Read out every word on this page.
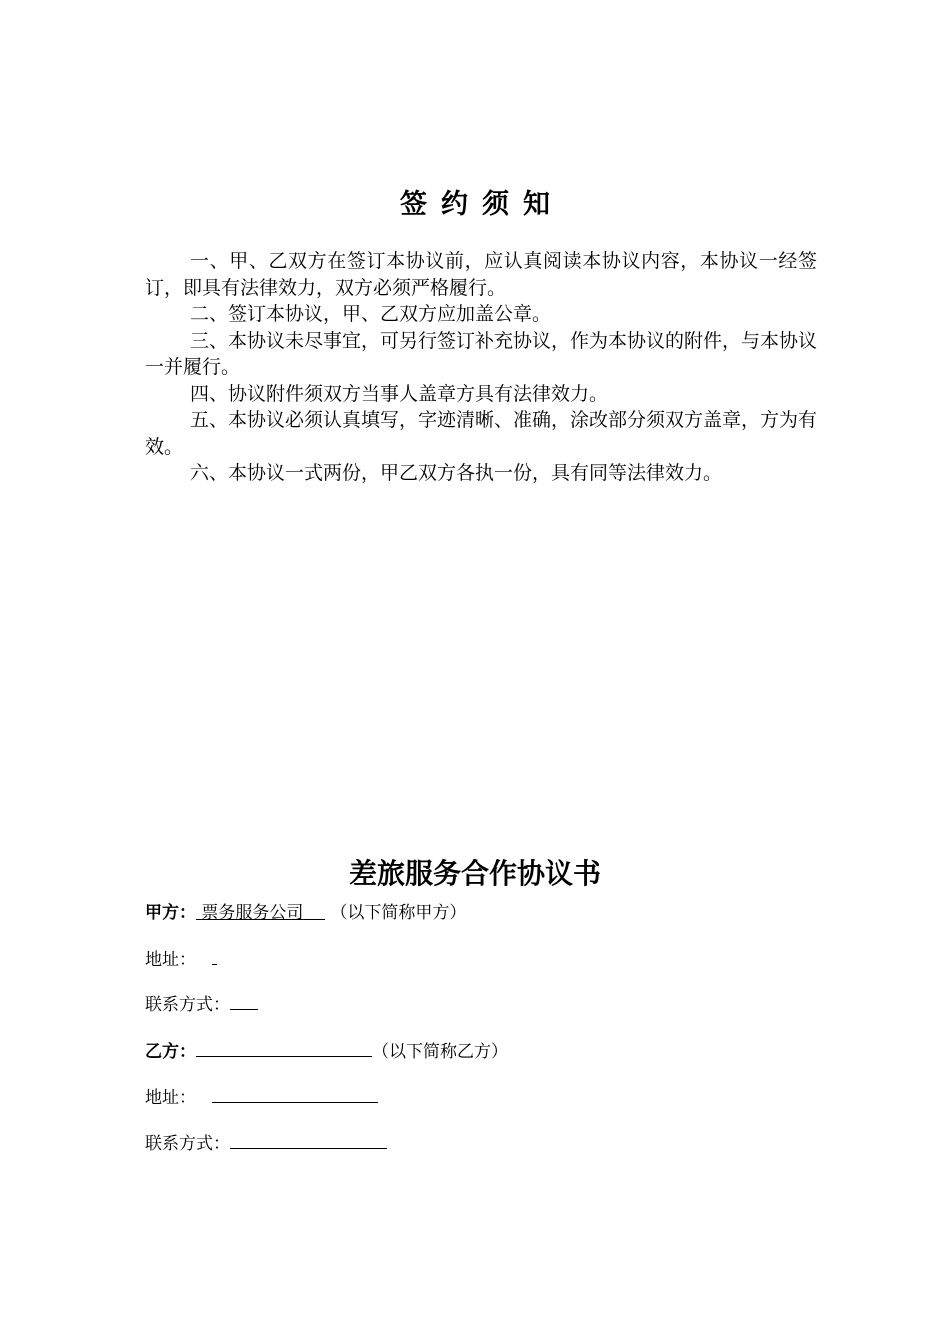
签约须知

一、甲、乙双方在签订本协议前，应认真阅读本协议内容，本协议一经签订，即具有法律效力，双方必须严格履行。

二、签订本协议，甲、乙双方应加盖公章。

三、本协议未尽事宜，可另行签订补充协议，作为本协议的附件，与本协议一并履行。

四、协议附件须双方当事人盖章方具有法律效力。

五、本协议必须认真填写，字迹清晰、准确，涂改部分须双方盖章，方为有效。

六、本协议一式两份，甲乙双方各执一份，具有同等法律效力。

差旅服务合作协议书
甲方： 票务服务公司 （以下简称甲方）
地址：
联系方式：
乙方：	（以下简称乙方）
地址：
联系方式：
